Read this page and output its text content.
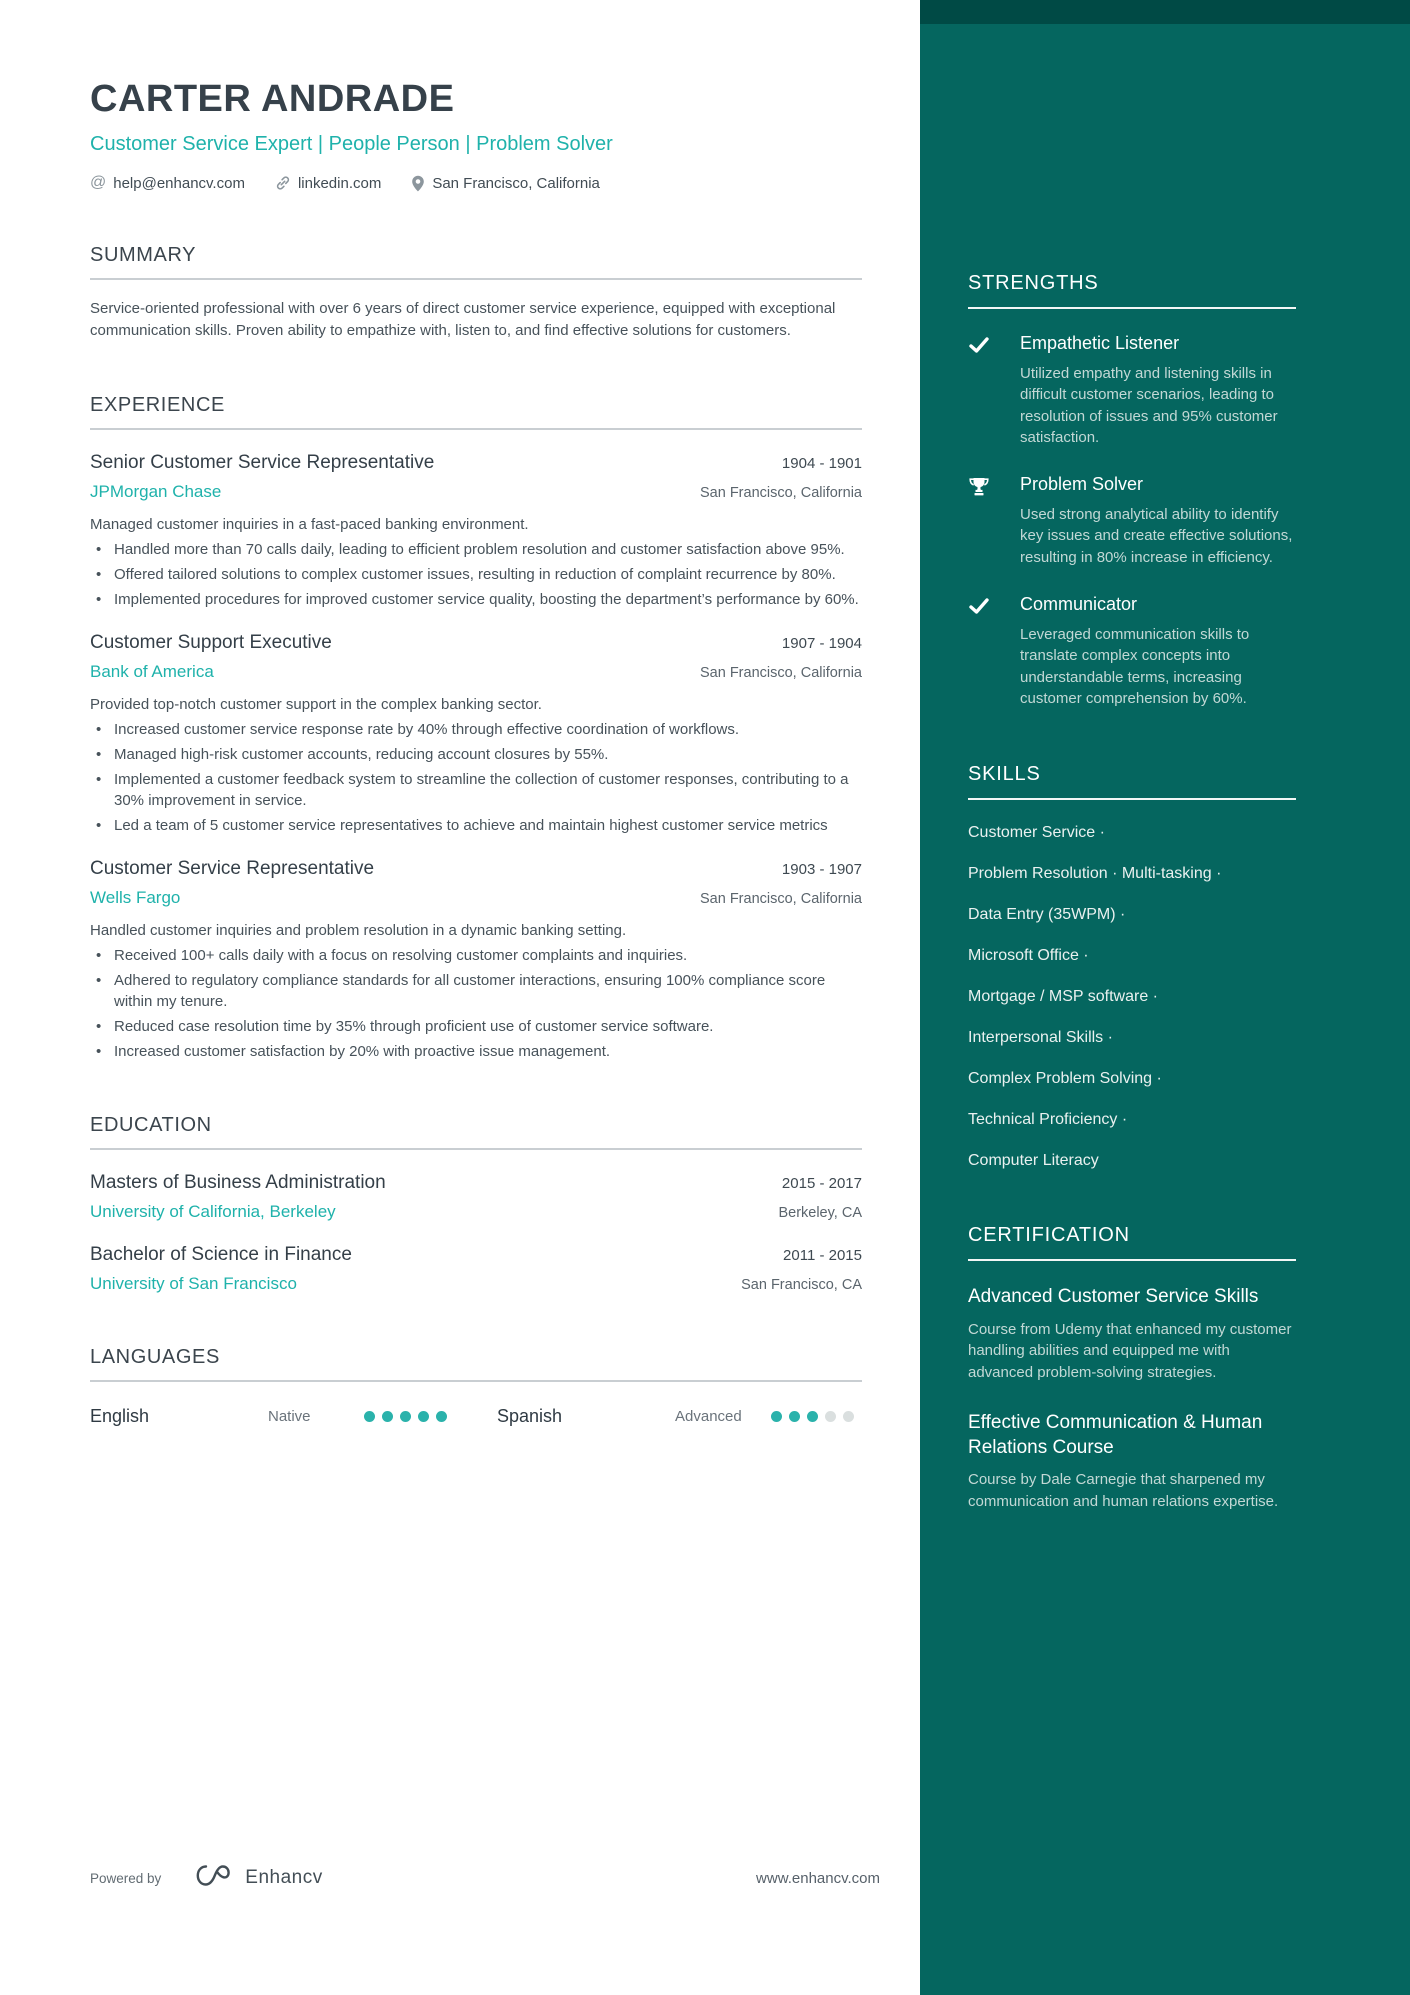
STRENGTHS
Empathetic Listener
Utilized empathy and listening skills in difficult customer scenarios, leading to resolution of issues and 95% customer satisfaction.
Problem Solver
Used strong analytical ability to identify key issues and create effective solutions, resulting in 80% increase in efficiency.
Communicator
Leveraged communication skills to translate complex concepts into understandable terms, increasing customer comprehension by 60%.
SKILLS
Customer Service ·
Problem Resolution · Multi-tasking ·
Data Entry (35WPM) ·
Microsoft Office ·
Mortgage / MSP software ·
Interpersonal Skills ·
Complex Problem Solving ·
Technical Proficiency ·
Computer Literacy
CERTIFICATION
Advanced Customer Service Skills
Course from Udemy that enhanced my customer handling abilities and equipped me with advanced problem-solving strategies.
Effective Communication & Human Relations Course
Course by Dale Carnegie that sharpened my communication and human relations expertise.
CARTER ANDRADE
Customer Service Expert | People Person | Problem Solver
@ help@enhancv.com	linkedin.com	San Francisco, California
SUMMARY
Service-oriented professional with over 6 years of direct customer service experience, equipped with exceptional communication skills. Proven ability to empathize with, listen to, and find effective solutions for customers.
EXPERIENCE
Senior Customer Service Representative	1904 - 1901
JPMorgan Chase	San Francisco, California
Managed customer inquiries in a fast-paced banking environment.
• Handled more than 70 calls daily, leading to efficient problem resolution and customer satisfaction above 95%.
• Offered tailored solutions to complex customer issues, resulting in reduction of complaint recurrence by 80%.
• Implemented procedures for improved customer service quality, boosting the department’s performance by 60%.
Customer Support Executive	1907 - 1904
Bank of America	San Francisco, California
Provided top-notch customer support in the complex banking sector.
• Increased customer service response rate by 40% through effective coordination of workflows.
• Managed high-risk customer accounts, reducing account closures by 55%.
• Implemented a customer feedback system to streamline the collection of customer responses, contributing to a 30% improvement in service.
• Led a team of 5 customer service representatives to achieve and maintain highest customer service metrics
Customer Service Representative	1903 - 1907
Wells Fargo	San Francisco, California
Handled customer inquiries and problem resolution in a dynamic banking setting.
• Received 100+ calls daily with a focus on resolving customer complaints and inquiries.
• Adhered to regulatory compliance standards for all customer interactions, ensuring 100% compliance score within my tenure.
• Reduced case resolution time by 35% through proficient use of customer service software.
• Increased customer satisfaction by 20% with proactive issue management.
EDUCATION
Masters of Business Administration	2015 - 2017
University of California, Berkeley	Berkeley, CA
Bachelor of Science in Finance	2011 - 2015
University of San Francisco	San Francisco, CA
LANGUAGES
English	Native	Spanish	Advanced
Powered by	Enhancv	www.enhancv.com
